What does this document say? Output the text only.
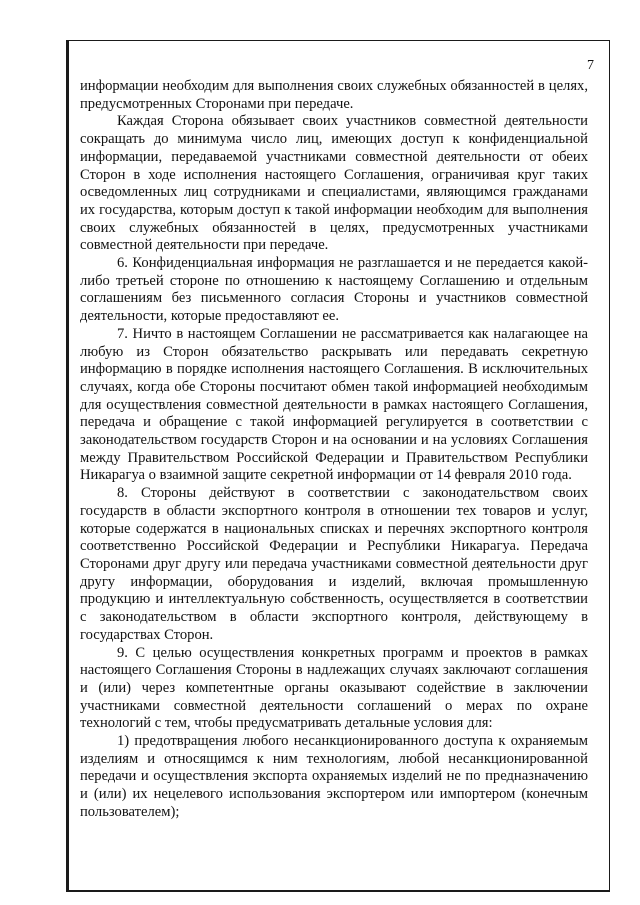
7

информации необходим для выполнения своих служебных обязанностей в целях, предусмотренных Сторонами при передаче.

Каждая Сторона обязывает своих участников совместной деятельности сокращать до минимума число лиц, имеющих доступ к конфиденциальной информации, передаваемой участниками совместной деятельности от обеих Сторон в ходе исполнения настоящего Соглашения, ограничивая круг таких осведомленных лиц сотрудниками и специалистами, являющимся гражданами их государства, которым доступ к такой информации необходим для выполнения своих служебных обязанностей в целях, предусмотренных участниками совместной деятельности при передаче.

6. Конфиденциальная информация не разглашается и не передается какой-либо третьей стороне по отношению к настоящему Соглашению и отдельным соглашениям без письменного согласия Стороны и участников совместной деятельности, которые предоставляют ее.

7. Ничто в настоящем Соглашении не рассматривается как налагающее на любую из Сторон обязательство раскрывать или передавать секретную информацию в порядке исполнения настоящего Соглашения. В исключительных случаях, когда обе Стороны посчитают обмен такой информацией необходимым для осуществления совместной деятельности в рамках настоящего Соглашения, передача и обращение с такой информацией регулируется в соответствии с законодательством государств Сторон и на основании и на условиях Соглашения между Правительством Российской Федерации и Правительством Республики Никарагуа о взаимной защите секретной информации от 14 февраля 2010 года.

8. Стороны действуют в соответствии с законодательством своих государств в области экспортного контроля в отношении тех товаров и услуг, которые содержатся в национальных списках и перечнях экспортного контроля соответственно Российской Федерации и Республики Никарагуа. Передача Сторонами друг другу или передача участниками совместной деятельности друг другу информации, оборудования и изделий, включая промышленную продукцию и интеллектуальную собственность, осуществляется в соответствии с законодательством в области экспортного контроля, действующему в государствах Сторон.

9. С целью осуществления конкретных программ и проектов в рамках настоящего Соглашения Стороны в надлежащих случаях заключают соглашения и (или) через компетентные органы оказывают содействие в заключении участниками совместной деятельности соглашений о мерах по охране технологий с тем, чтобы предусматривать детальные условия для:

1) предотвращения любого несанкционированного доступа к охраняемым изделиям и относящимся к ним технологиям, любой несанкционированной передачи и осуществления экспорта охраняемых изделий не по предназначению и (или) их нецелевого использования экспортером или импортером (конечным пользователем);
